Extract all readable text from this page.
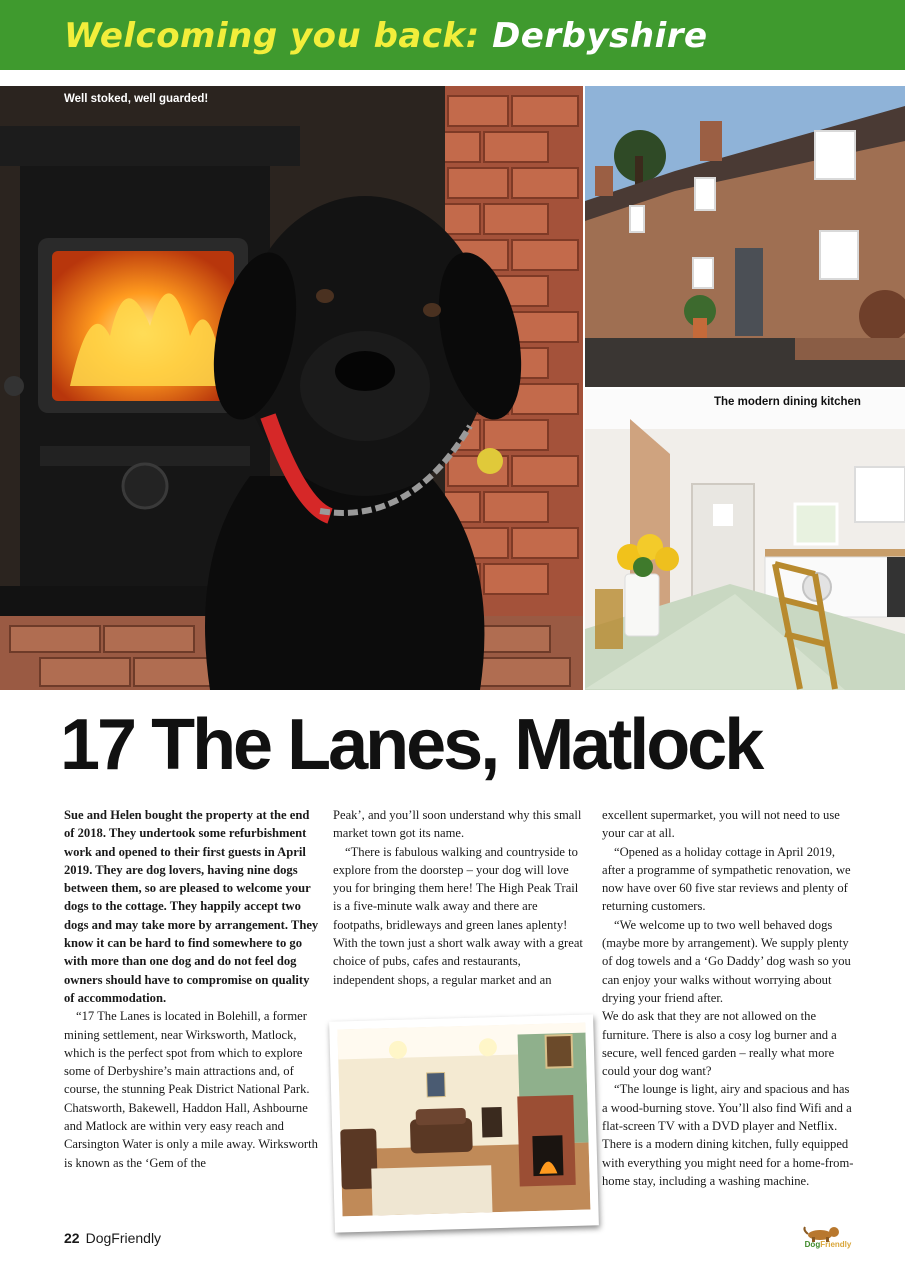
Welcoming you back: Derbyshire
Well stoked, well guarded!
The modern dining kitchen
17 The Lanes, Matlock

Sue and Helen bought the property at the end of 2018. They undertook some refurbishment work and opened to their first guests in April 2019. They are dog lovers, having nine dogs between them, so are pleased to welcome your dogs to the cottage. They happily accept two dogs and may take more by arrangement. They know it can be hard to find somewhere to go with more than one dog and do not feel dog owners should have to compromise on quality of accommodation.

“17 The Lanes is located in Bolehill, a former mining settlement, near Wirksworth, Matlock, which is the perfect spot from which to explore some of Derbyshire’s main attractions and, of course, the stunning Peak District National Park. Chatsworth, Bakewell, Haddon Hall, Ashbourne and Matlock are within very easy reach and Carsington Water is only a mile away. Wirksworth is known as the ‘Gem of the

Peak’, and you’ll soon understand why this small market town got its name.

“There is fabulous walking and countryside to explore from the doorstep – your dog will love you for bringing them here! The High Peak Trail is a five-minute walk away and there are footpaths, bridleways and green lanes aplenty!

With the town just a short walk away with a great choice of pubs, cafes and restaurants, independent shops, a regular market and an

excellent supermarket, you will not need to use your car at all.

“Opened as a holiday cottage in April 2019, after a programme of sympathetic renovation, we now have over 60 five star reviews and plenty of returning customers.

“We welcome up to two well behaved dogs (maybe more by arrangement). We supply plenty of dog towels and a ‘Go Daddy’ dog wash so you can enjoy your walks without worrying about drying your friend after.

We do ask that they are not allowed on the furniture. There is also a cosy log burner and a secure, well fenced garden – really what more could your dog want?

“The lounge is light, airy and spacious and has a wood-burning stove. You’ll also find Wifi and a flat-screen TV with a DVD player and Netflix. There is a modern dining kitchen, fully equipped with everything you might need for a home-from-home stay, including a washing machine.

22 DogFriendly	DogFriendly
